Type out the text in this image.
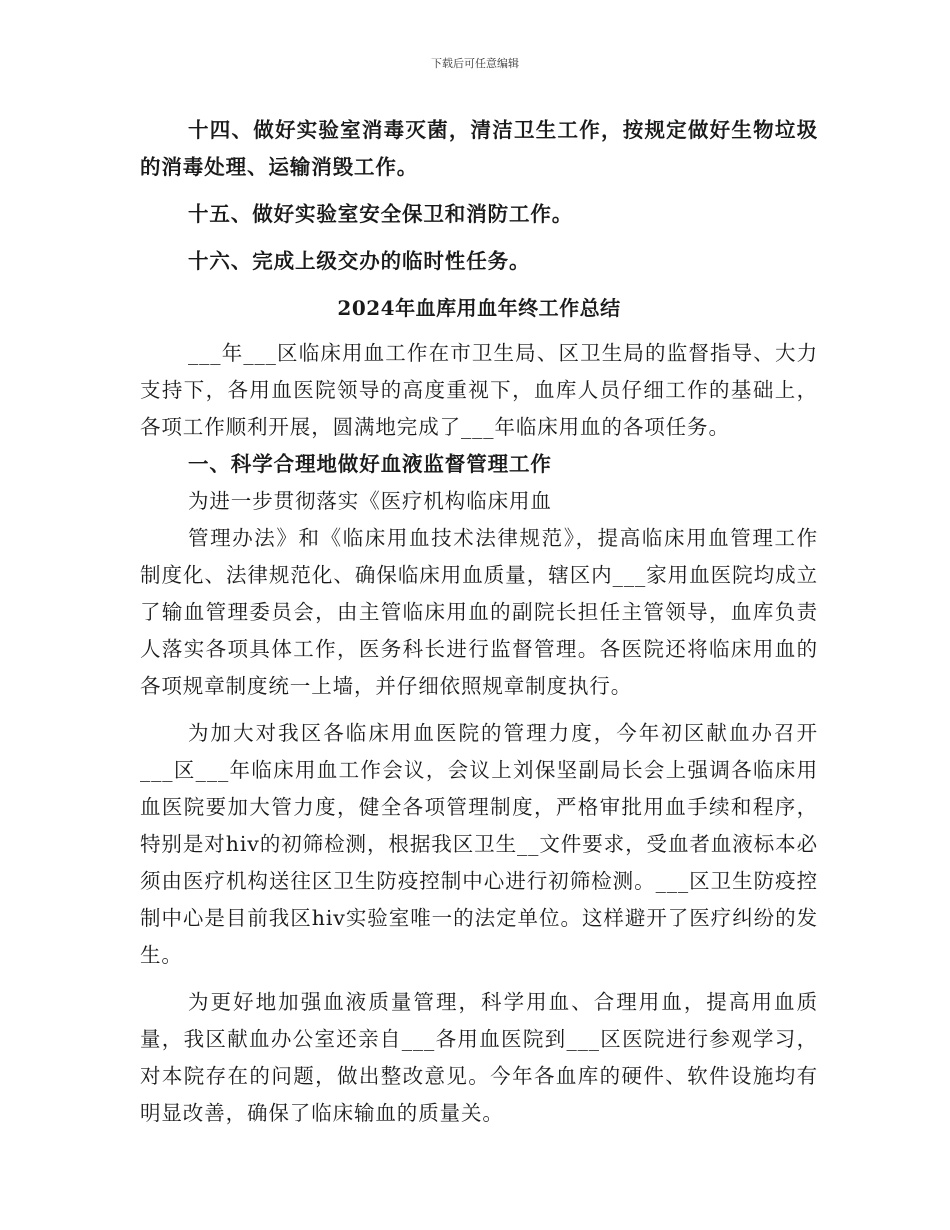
下载后可任意编辑

十四、做好实验室消毒灭菌，清洁卫生工作，按规定做好生物垃圾的消毒处理、运输消毁工作。

十五、做好实验室安全保卫和消防工作。

十六、完成上级交办的临时性任务。

2024年血库用血年终工作总结

___年___区临床用血工作在市卫生局、区卫生局的监督指导、大力支持下，各用血医院领导的高度重视下，血库人员仔细工作的基础上，各项工作顺利开展，圆满地完成了___年临床用血的各项任务。

一、科学合理地做好血液监督管理工作

为进一步贯彻落实《医疗机构临床用血

管理办法》和《临床用血技术法律规范》，提高临床用血管理工作制度化、法律规范化、确保临床用血质量，辖区内___家用血医院均成立了输血管理委员会，由主管临床用血的副院长担任主管领导，血库负责人落实各项具体工作，医务科长进行监督管理。各医院还将临床用血的各项规章制度统一上墙，并仔细依照规章制度执行。

为加大对我区各临床用血医院的管理力度，今年初区献血办召开___区___年临床用血工作会议，会议上刘保坚副局长会上强调各临床用血医院要加大管力度，健全各项管理制度，严格审批用血手续和程序，特别是对hiv的初筛检测，根据我区卫生__文件要求，受血者血液标本必须由医疗机构送往区卫生防疫控制中心进行初筛检测。___区卫生防疫控制中心是目前我区hiv实验室唯一的法定单位。这样避开了医疗纠纷的发生。

为更好地加强血液质量管理，科学用血、合理用血，提高用血质量，我区献血办公室还亲自___各用血医院到___区医院进行参观学习，对本院存在的问题，做出整改意见。今年各血库的硬件、软件设施均有明显改善，确保了临床输血的质量关。
